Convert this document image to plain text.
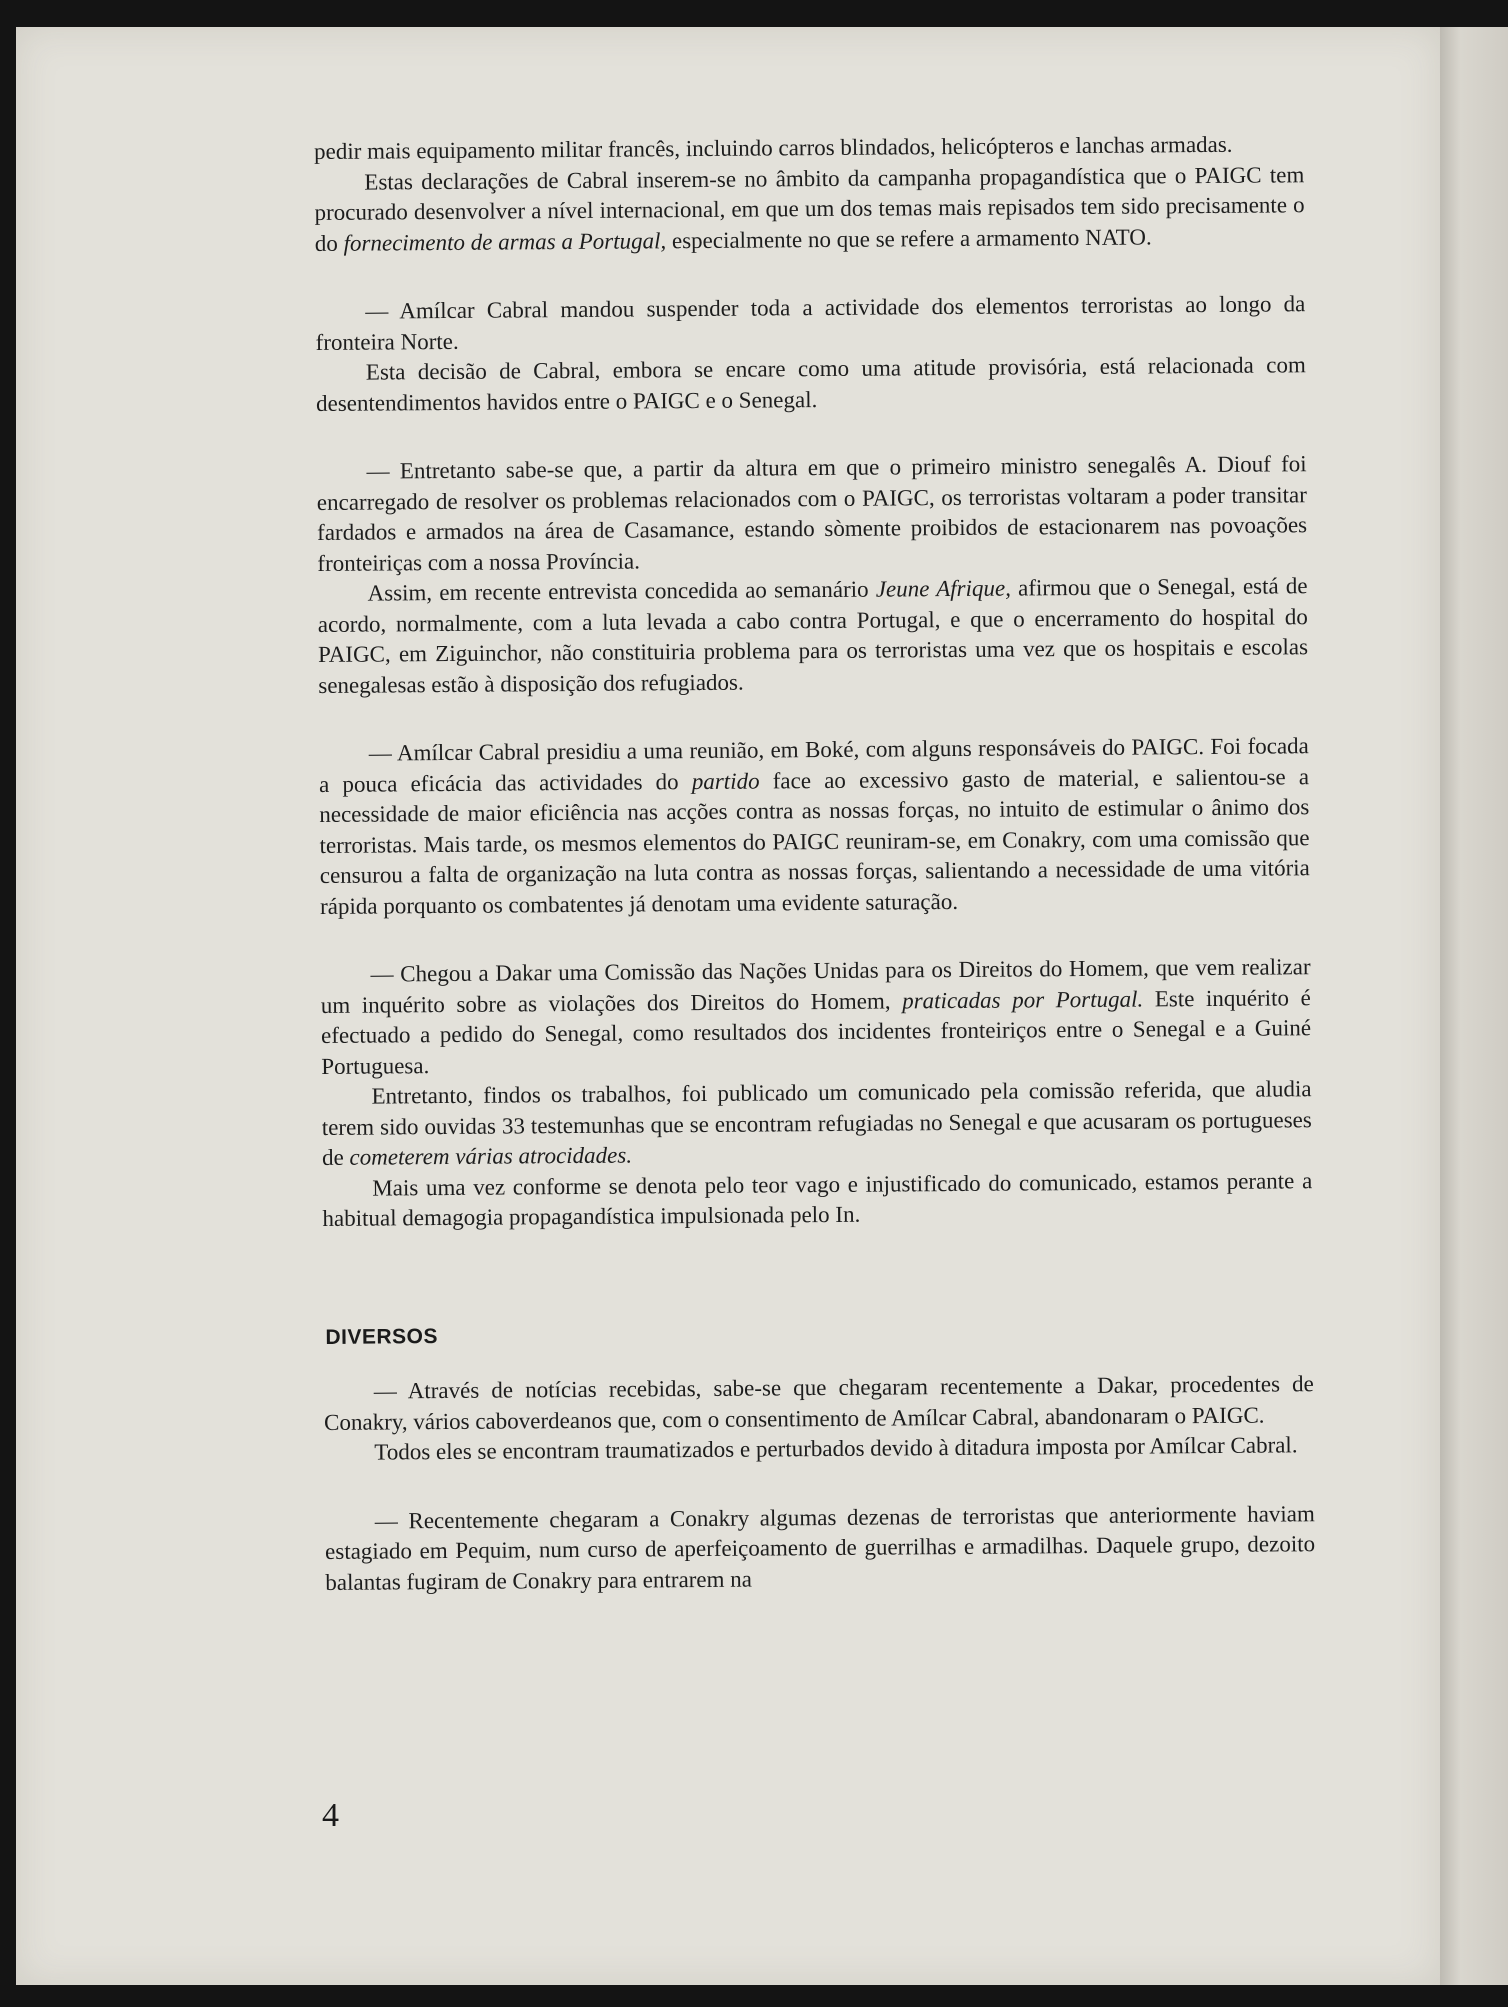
pedir mais equipamento militar francês, incluindo carros blindados, helicópteros e lanchas armadas.

Estas declarações de Cabral inserem-se no âmbito da campanha propagandística que o PAIGC tem procurado desenvolver a nível internacional, em que um dos temas mais repisados tem sido precisamente o do fornecimento de armas a Portugal, especialmente no que se refere a armamento NATO.

— Amílcar Cabral mandou suspender toda a actividade dos elementos terroristas ao longo da fronteira Norte.

Esta decisão de Cabral, embora se encare como uma atitude provisória, está relacionada com desentendimentos havidos entre o PAIGC e o Senegal.

— Entretanto sabe-se que, a partir da altura em que o primeiro ministro senegalês A. Diouf foi encarregado de resolver os problemas relacionados com o PAIGC, os terroristas voltaram a poder transitar fardados e armados na área de Casamance, estando sòmente proibidos de estacionarem nas povoações fronteiriças com a nossa Província.

Assim, em recente entrevista concedida ao semanário Jeune Afrique, afirmou que o Senegal, está de acordo, normalmente, com a luta levada a cabo contra Portugal, e que o encerramento do hospital do PAIGC, em Ziguinchor, não constituiria problema para os terroristas uma vez que os hospitais e escolas senegalesas estão à disposição dos refugiados.

— Amílcar Cabral presidiu a uma reunião, em Boké, com alguns responsáveis do PAIGC. Foi focada a pouca eficácia das actividades do partido face ao excessivo gasto de material, e salientou-se a necessidade de maior eficiência nas acções contra as nossas forças, no intuito de estimular o ânimo dos terroristas. Mais tarde, os mesmos elementos do PAIGC reuniram-se, em Conakry, com uma comissão que censurou a falta de organização na luta contra as nossas forças, salientando a necessidade de uma vitória rápida porquanto os combatentes já denotam uma evidente saturação.

— Chegou a Dakar uma Comissão das Nações Unidas para os Direitos do Homem, que vem realizar um inquérito sobre as violações dos Direitos do Homem, praticadas por Portugal. Este inquérito é efectuado a pedido do Senegal, como resultados dos incidentes fronteiriços entre o Senegal e a Guiné Portuguesa.

Entretanto, findos os trabalhos, foi publicado um comunicado pela comissão referida, que aludia terem sido ouvidas 33 testemunhas que se encontram refugiadas no Senegal e que acusaram os portugueses de cometerem várias atrocidades.

Mais uma vez conforme se denota pelo teor vago e injustificado do comunicado, estamos perante a habitual demagogia propagandística impulsionada pelo In.

DIVERSOS

— Através de notícias recebidas, sabe-se que chegaram recentemente a Dakar, procedentes de Conakry, vários caboverdeanos que, com o consentimento de Amílcar Cabral, abandonaram o PAIGC.

Todos eles se encontram traumatizados e perturbados devido à ditadura imposta por Amílcar Cabral.

— Recentemente chegaram a Conakry algumas dezenas de terroristas que anteriormente haviam estagiado em Pequim, num curso de aperfeiçoamento de guerrilhas e armadilhas. Daquele grupo, dezoito balantas fugiram de Conakry para entrarem na

4
